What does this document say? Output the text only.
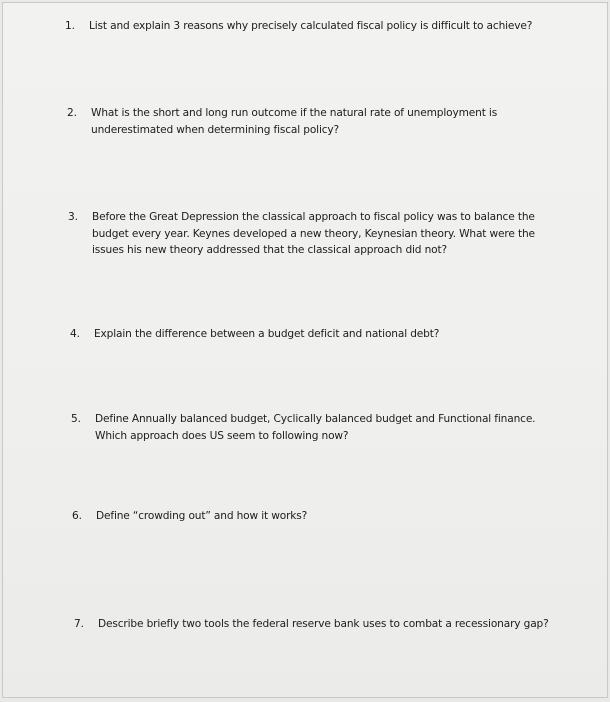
1.	List and explain 3 reasons why precisely calculated fiscal policy is difficult to achieve?
2.	What is the short and long run outcome if the natural rate of unemployment is underestimated when determining fiscal policy?
3.	Before the Great Depression the classical approach to fiscal policy was to balance the budget every year. Keynes developed a new theory, Keynesian theory. What were the issues his new theory addressed that the classical approach did not?
4.	Explain the difference between a budget deficit and national debt?
5.	Define Annually balanced budget, Cyclically balanced budget and Functional finance. Which approach does US seem to following now?
6.	Define “crowding out” and how it works?
7.	Describe briefly two tools the federal reserve bank uses to combat a recessionary gap?
